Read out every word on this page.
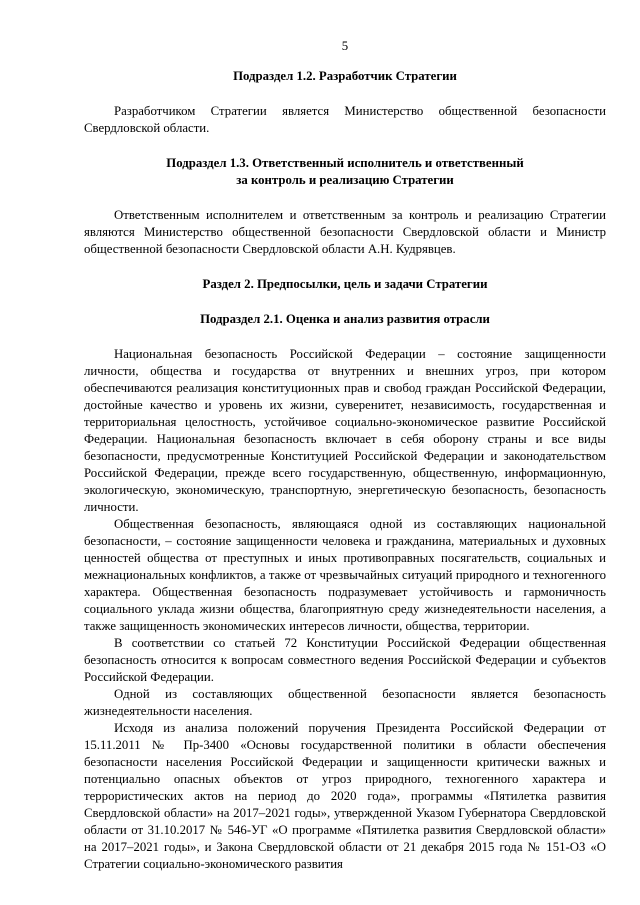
5
Подраздел 1.2. Разработчик Стратегии

Разработчиком Стратегии является Министерство общественной безопасности Свердловской области.

Подраздел 1.3. Ответственный исполнитель и ответственный
за контроль и реализацию Стратегии

Ответственным исполнителем и ответственным за контроль и реализацию Стратегии являются Министерство общественной безопасности Свердловской области и Министр общественной безопасности Свердловской области А.Н. Кудрявцев.

Раздел 2. Предпосылки, цель и задачи Стратегии
Подраздел 2.1. Оценка и анализ развития отрасли

Национальная безопасность Российской Федерации – состояние защищенности личности, общества и государства от внутренних и внешних угроз, при котором обеспечиваются реализация конституционных прав и свобод граждан Российской Федерации, достойные качество и уровень их жизни, суверенитет, независимость, государственная и территориальная целостность, устойчивое социально-экономическое развитие Российской Федерации. Национальная безопасность включает в себя оборону страны и все виды безопасности, предусмотренные Конституцией Российской Федерации и законодательством Российской Федерации, прежде всего государственную, общественную, информационную, экологическую, экономическую, транспортную, энергетическую безопасность, безопасность личности.

Общественная безопасность, являющаяся одной из составляющих национальной безопасности, – состояние защищенности человека и гражданина, материальных и духовных ценностей общества от преступных и иных противоправных посягательств, социальных и межнациональных конфликтов, а также от чрезвычайных ситуаций природного и техногенного характера. Общественная безопасность подразумевает устойчивость и гармоничность социального уклада жизни общества, благоприятную среду жизнедеятельности населения, а также защищенность экономических интересов личности, общества, территории.

В соответствии со статьей 72 Конституции Российской Федерации общественная безопасность относится к вопросам совместного ведения Российской Федерации и субъектов Российской Федерации.

Одной из составляющих общественной безопасности является безопасность жизнедеятельности населения.

Исходя из анализа положений поручения Президента Российской Федерации от 15.11.2011 № Пр-3400 «Основы государственной политики в области обеспечения безопасности населения Российской Федерации и защищенности критически важных и потенциально опасных объектов от угроз природного, техногенного характера и террористических актов на период до 2020 года», программы «Пятилетка развития Свердловской области» на 2017–2021 годы», утвержденной Указом Губернатора Свердловской области от 31.10.2017 № 546-УГ «О программе «Пятилетка развития Свердловской области» на 2017–2021 годы», и Закона Свердловской области от 21 декабря 2015 года № 151-ОЗ «О Стратегии социально-экономического развития
